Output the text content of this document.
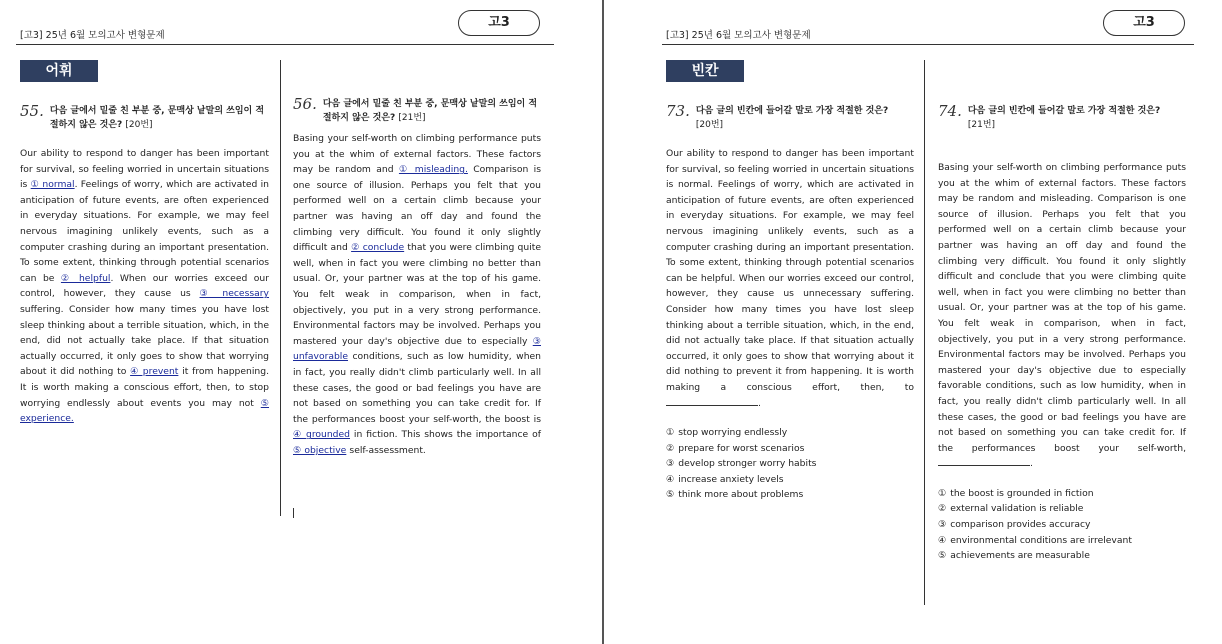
고3
[고3] 25년 6월 모의고사 변형문제
어휘
55. 다음 글에서 밑줄 친 부분 중, 문맥상 낱말의 쓰임이 적절하지 않은 것은? [20번]

Our ability to respond to danger has been important for survival, so feeling worried in uncertain situations is ① normal. Feelings of worry, which are activated in anticipation of future events, are often experienced in everyday situations. For example, we may feel nervous imagining unlikely events, such as a computer crashing during an important presentation. To some extent, thinking through potential scenarios can be ② helpful. When our worries exceed our control, however, they cause us ③ necessary suffering. Consider how many times you have lost sleep thinking about a terrible situation, which, in the end, did not actually take place. If that situation actually occurred, it only goes to show that worrying about it did nothing to ④ prevent it from happening. It is worth making a conscious effort, then, to stop worrying endlessly about events you may not ⑤ experience.

56. 다음 글에서 밑줄 친 부분 중, 문맥상 낱말의 쓰임이 적절하지 않은 것은? [21번]

Basing your self-worth on climbing performance puts you at the whim of external factors. These factors may be random and ① misleading. Comparison is one source of illusion. Perhaps you felt that you performed well on a certain climb because your partner was having an off day and found the climbing very difficult. You found it only slightly difficult and ② conclude that you were climbing quite well, when in fact you were climbing no better than usual. Or, your partner was at the top of his game. You felt weak in comparison, when in fact, objectively, you put in a very strong performance. Environmental factors may be involved. Perhaps you mastered your day's objective due to especially ③ unfavorable conditions, such as low humidity, when in fact, you really didn't climb particularly well. In all these cases, the good or bad feelings you have are not based on something you can take credit for. If the performances boost your self-worth, the boost is ④ grounded in fiction. This shows the importance of ⑤ objective self-assessment.

고3
[고3] 25년 6월 모의고사 변형문제
빈칸
73. 다음 글의 빈칸에 들어갈 말로 가장 적절한 것은?
[20번]

Our ability to respond to danger has been important for survival, so feeling worried in uncertain situations is normal. Feelings of worry, which are activated in anticipation of future events, are often experienced in everyday situations. For example, we may feel nervous imagining unlikely events, such as a computer crashing during an important presentation. To some extent, thinking through potential scenarios can be helpful. When our worries exceed our control, however, they cause us unnecessary suffering. Consider how many times you have lost sleep thinking about a terrible situation, which, in the end, did not actually take place. If that situation actually occurred, it only goes to show that worrying about it did nothing to prevent it from happening. It is worth making a conscious effort, then, to .

① stop worrying endlessly
② prepare for worst scenarios
③ develop stronger worry habits
④ increase anxiety levels
⑤ think more about problems
74. 다음 글의 빈칸에 들어갈 말로 가장 적절한 것은?
[21번]

Basing your self-worth on climbing performance puts you at the whim of external factors. These factors may be random and misleading. Comparison is one source of illusion. Perhaps you felt that you performed well on a certain climb because your partner was having an off day and found the climbing very difficult. You found it only slightly difficult and conclude that you were climbing quite well, when in fact you were climbing no better than usual. Or, your partner was at the top of his game. You felt weak in comparison, when in fact, objectively, you put in a very strong performance. Environmental factors may be involved. Perhaps you mastered your day's objective due to especially favorable conditions, such as low humidity, when in fact, you really didn't climb particularly well. In all these cases, the good or bad feelings you have are not based on something you can take credit for. If the performances boost your self-worth, .

① the boost is grounded in fiction
② external validation is reliable
③ comparison provides accuracy
④ environmental conditions are irrelevant
⑤ achievements are measurable
